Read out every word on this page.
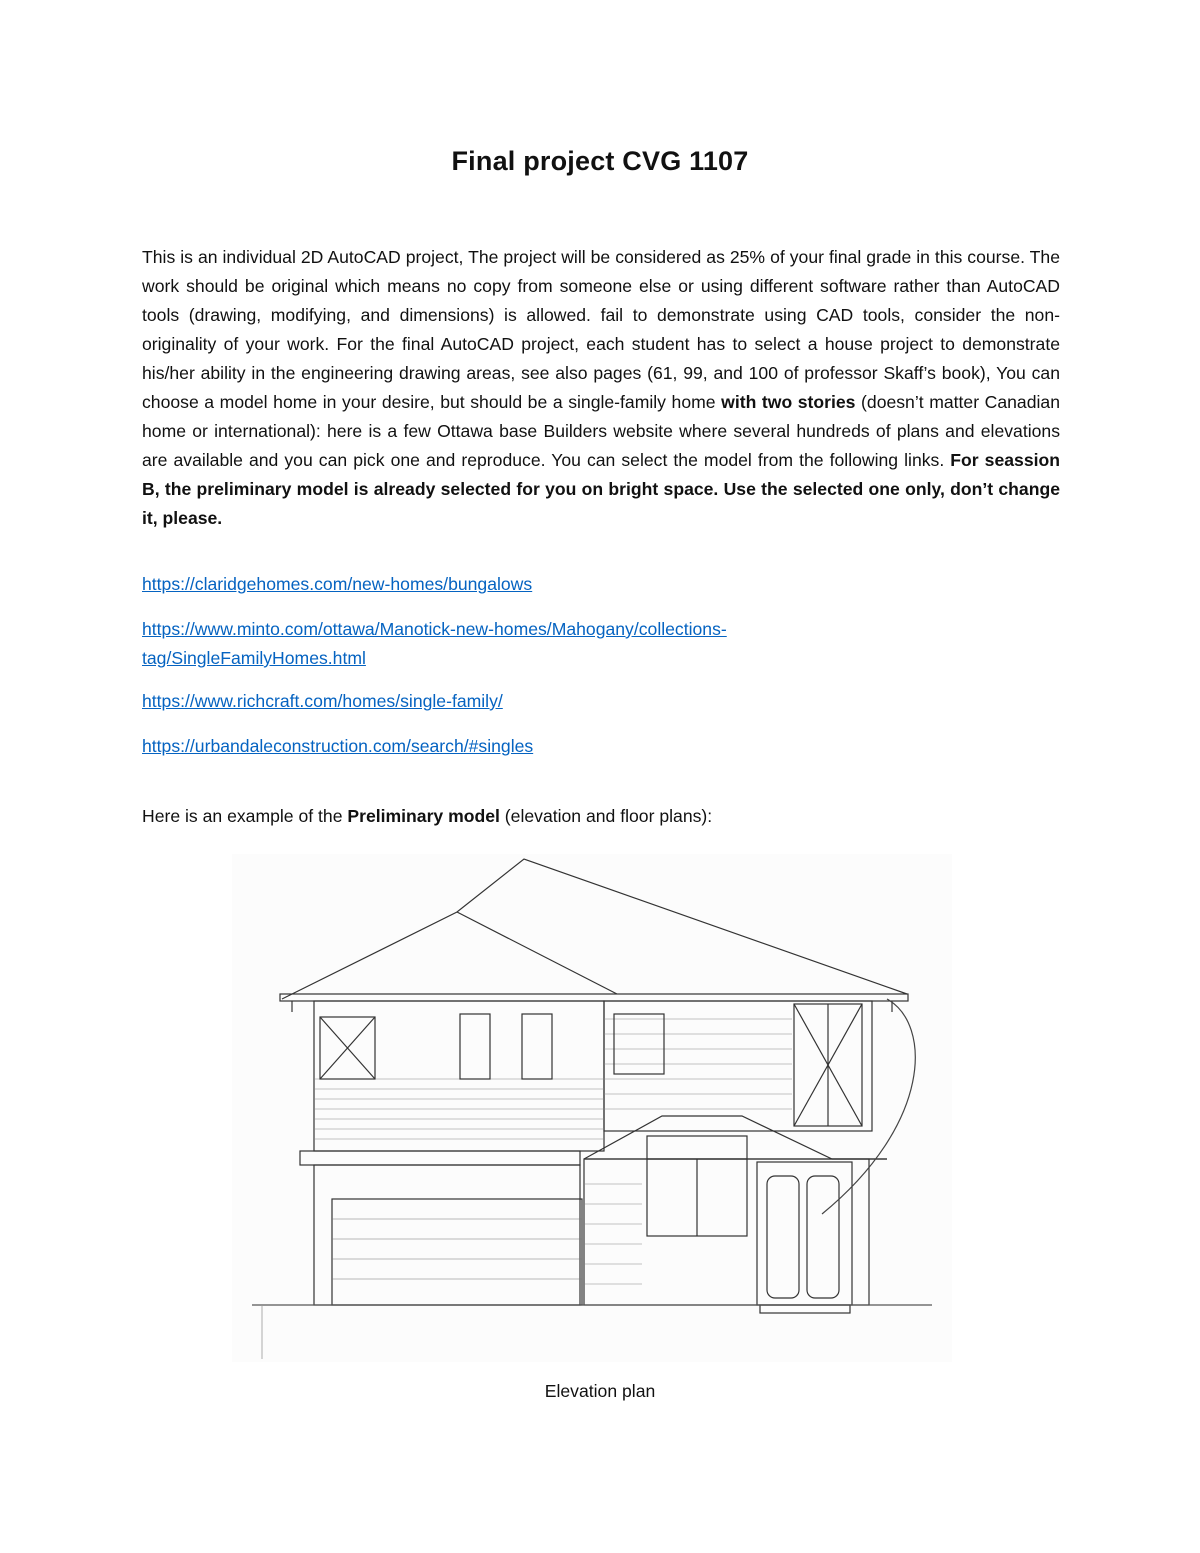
Final project CVG 1107
This is an individual 2D AutoCAD project, The project will be considered as 25% of your final grade in this course. The work should be original which means no copy from someone else or using different software rather than AutoCAD tools (drawing, modifying, and dimensions) is allowed. fail to demonstrate using CAD tools, consider the non-originality of your work. For the final AutoCAD project, each student has to select a house project to demonstrate his/her ability in the engineering drawing areas, see also pages (61, 99, and 100 of professor Skaff’s book), You can choose a model home in your desire, but should be a single-family home with two stories (doesn’t matter Canadian home or international): here is a few Ottawa base Builders website where several hundreds of plans and elevations are available and you can pick one and reproduce. You can select the model from the following links. For seassion B, the preliminary model is already selected for you on bright space. Use the selected one only, don’t change it, please.
https://claridgehomes.com/new-homes/bungalows
https://www.minto.com/ottawa/Manotick-new-homes/Mahogany/collections-tag/SingleFamilyHomes.html
https://www.richcraft.com/homes/single-family/
https://urbandaleconstruction.com/search/#singles
Here is an example of the Preliminary model (elevation and floor plans):
Elevation plan
